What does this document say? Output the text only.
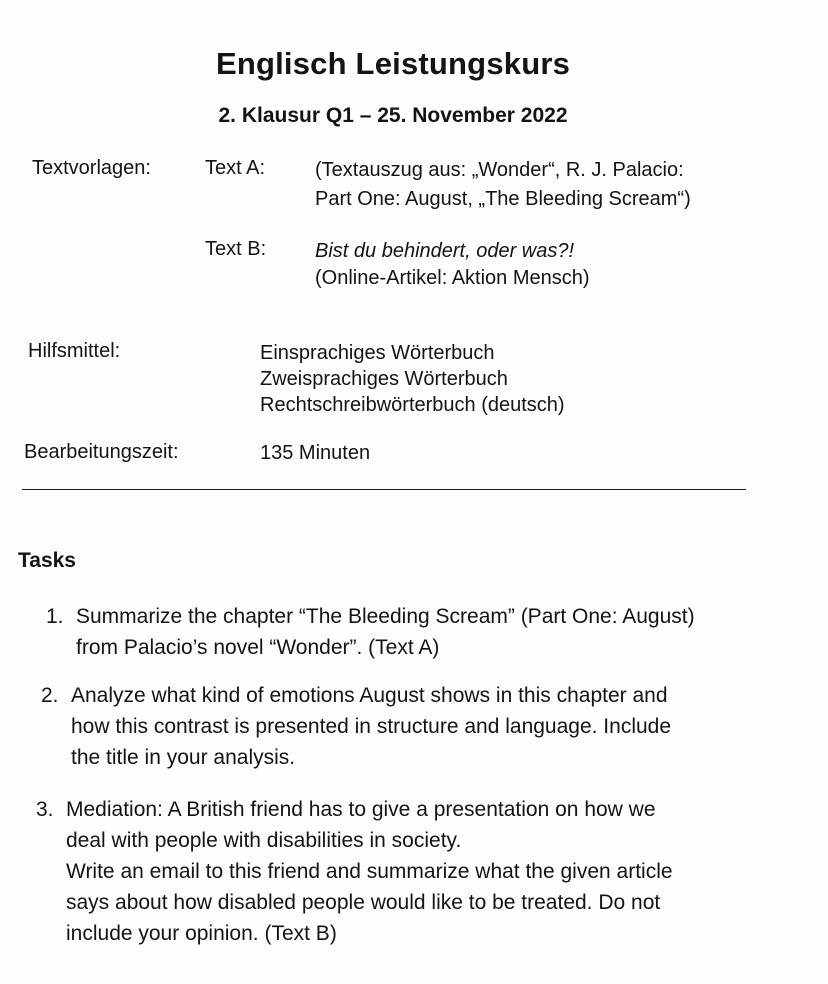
Englisch Leistungskurs
2. Klausur Q1 – 25. November 2022
Textvorlagen:	Text A: (Textauszug aus: „Wonder“, R. J. Palacio:
Part One: August, „The Bleeding Scream“)
Text B: Bist du behindert, oder was?!
(Online-Artikel: Aktion Mensch)
Hilfsmittel:	Einsprachiges Wörterbuch
Zweisprachiges Wörterbuch
Rechtschreibwörterbuch (deutsch)
Bearbeitungszeit:	135 Minuten
Tasks
1. Summarize the chapter “The Bleeding Scream” (Part One: August)
from Palacio’s novel “Wonder”. (Text A)
2. Analyze what kind of emotions August shows in this chapter and
how this contrast is presented in structure and language. Include
the title in your analysis.
3. Mediation: A British friend has to give a presentation on how we
deal with people with disabilities in society.
Write an email to this friend and summarize what the given article
says about how disabled people would like to be treated. Do not
include your opinion. (Text B)
